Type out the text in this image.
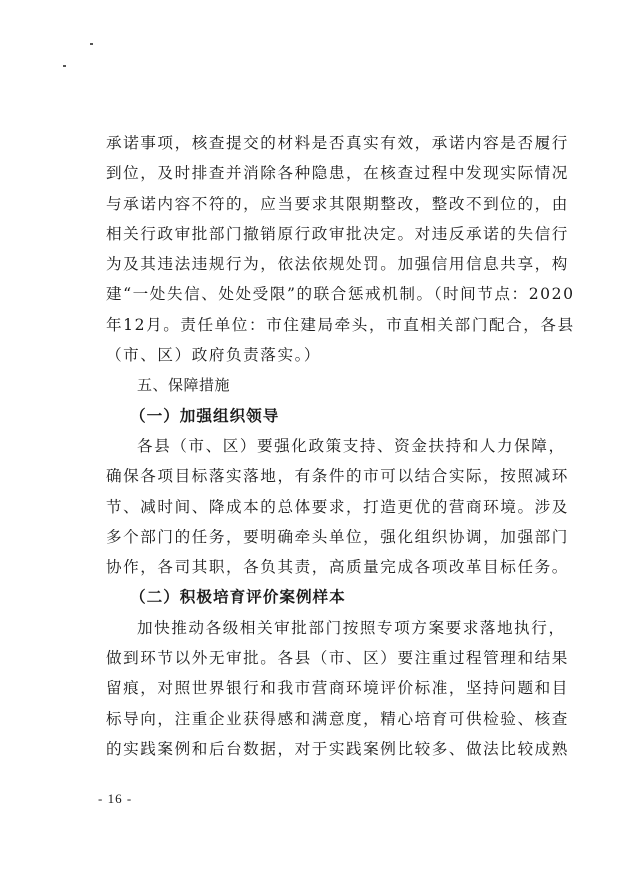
承诺事项，核查提交的材料是否真实有效，承诺内容是否履行
到位，及时排查并消除各种隐患，在核查过程中发现实际情况
与承诺内容不符的，应当要求其限期整改，整改不到位的，由
相关行政审批部门撤销原行政审批决定。对违反承诺的失信行
为及其违法违规行为，依法依规处罚。加强信用信息共享，构
建“一处失信、处处受限”的联合惩戒机制。（时间节点：2020
年12月。责任单位：市住建局牵头，市直相关部门配合，各县
（市、区）政府负责落实。）
五、保障措施
（一）加强组织领导
各县（市、区）要强化政策支持、资金扶持和人力保障，
确保各项目标落实落地，有条件的市可以结合实际，按照减环
节、减时间、降成本的总体要求，打造更优的营商环境。涉及
多个部门的任务，要明确牵头单位，强化组织协调，加强部门
协作，各司其职，各负其责，高质量完成各项改革目标任务。
（二）积极培育评价案例样本
加快推动各级相关审批部门按照专项方案要求落地执行，
做到环节以外无审批。各县（市、区）要注重过程管理和结果
留痕，对照世界银行和我市营商环境评价标准，坚持问题和目
标导向，注重企业获得感和满意度，精心培育可供检验、核查
的实践案例和后台数据，对于实践案例比较多、做法比较成熟
- 16 -
